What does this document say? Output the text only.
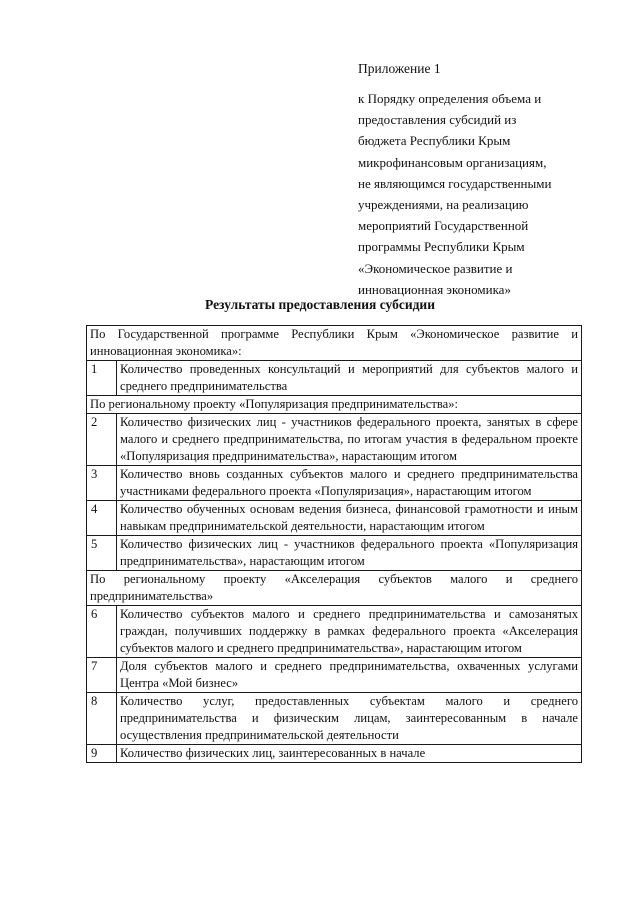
Приложение 1
к Порядку определения объема и
предоставления субсидий из
бюджета Республики Крым
микрофинансовым организациям,
не являющимся государственными
учреждениями, на реализацию
мероприятий Государственной
программы Республики Крым
«Экономическое развитие и
инновационная экономика»
Результаты предоставления субсидии
По Государственной программе Республики Крым «Экономическое развитие и инновационная экономика»:	
1	Количество проведенных консультаций и мероприятий для субъектов малого и среднего предпринимательства
По региональному проекту «Популяризация предпринимательства»:	
2	Количество физических лиц - участников федерального проекта, занятых в сфере малого и среднего предпринимательства, по итогам участия в федеральном проекте «Популяризация предпринимательства», нарастающим итогом
3	Количество вновь созданных субъектов малого и среднего предпринимательства участниками федерального проекта «Популяризация», нарастающим итогом
4	Количество обученных основам ведения бизнеса, финансовой грамотности и иным навыкам предпринимательской деятельности, нарастающим итогом
5	Количество физических лиц - участников федерального проекта «Популяризация предпринимательства», нарастающим итогом
По региональному проекту «Акселерация субъектов малого и среднего предпринимательства»	
6	Количество субъектов малого и среднего предпринимательства и самозанятых граждан, получивших поддержку в рамках федерального проекта «Акселерация субъектов малого и среднего предпринимательства», нарастающим итогом
7	Доля субъектов малого и среднего предпринимательства, охваченных услугами Центра «Мой бизнес»
8	Количество услуг, предоставленных субъектам малого и среднего предпринимательства и физическим лицам, заинтересованным в начале осуществления предпринимательской деятельности
9	Количество физических лиц, заинтересованных в начале
